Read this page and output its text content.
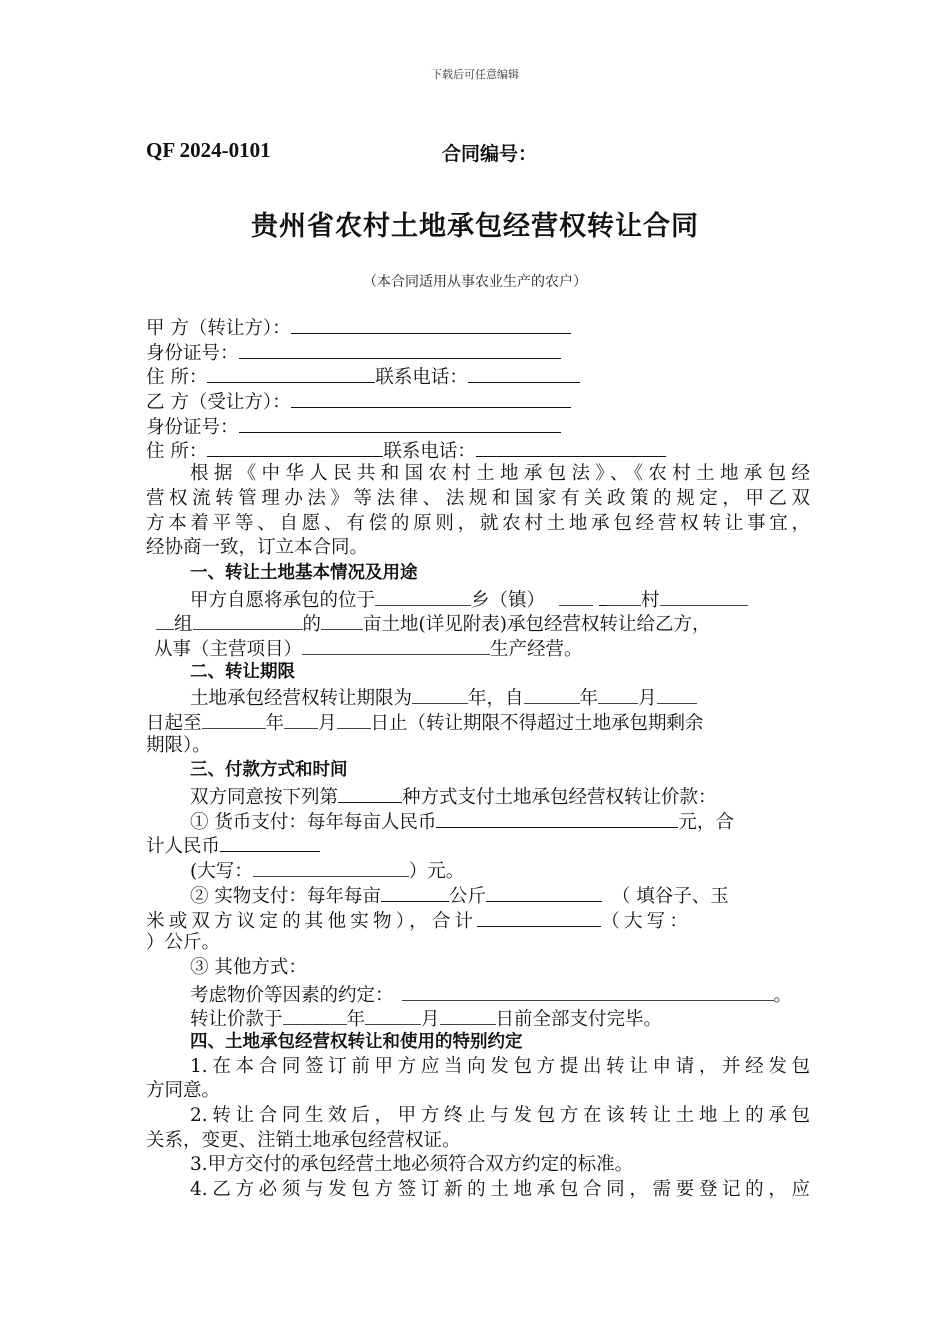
下载后可任意编辑
QF 2024-0101	合同编号：
贵州省农村土地承包经营权转让合同
（本合同适用从事农业生产的农户）
甲 方（转让方）：
身份证号：
住 所：	联系电话：
乙 方（受让方）：
身份证号：
住 所：	联系电话：
根据《中华人民共和国农村土地承包法》、《农村土地承包经
营权流转管理办法》等法律、法规和国家有关政策的规定，甲乙双
方本着平等、自愿、有偿的原则，就农村土地承包经营权转让事宜，
经协商一致，订立本合同。
一、转让土地基本情况及用途
甲方自愿将承包的位于	乡（镇）	村
组	的 亩土地(详见附表)承包经营权转让给乙方，
从事（主营项目）	生产经营。
二、转让期限
土地承包经营权转让期限为	年，自	年 月
日起至	年 月 日止（转让期限不得超过土地承包期剩余
期限）。
三、付款方式和时间
双方同意按下列第	种方式支付土地承包经营权转让价款：
① 货币支付：每年每亩人民币	元，合
计人民币
(大写：	）元。
② 实物支付：每年每亩	公斤	（ 填谷子、玉
米或双方议定的其他实物），合计	（大写：
）公斤。
③ 其他方式：
考虑物价等因素的约定：	。
转让价款于	年	月	日前全部支付完毕。
四、土地承包经营权转让和使用的特别约定
1.在本合同签订前甲方应当向发包方提出转让申请，并经发包
方同意。
2.转让合同生效后，甲方终止与发包方在该转让土地上的承包
关系，变更、注销土地承包经营权证。
3.甲方交付的承包经营土地必须符合双方约定的标准。
4.乙方必须与发包方签订新的土地承包合同，需要登记的，应
